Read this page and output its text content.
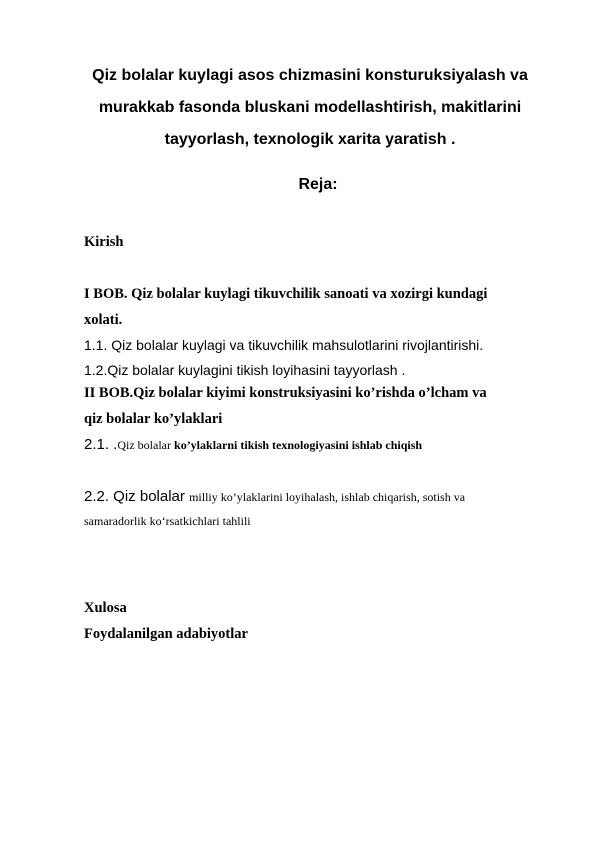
Qiz bolalar kuylagi asos chizmasini konsturuksiyalash va
murakkab fasonda bluskani modellashtirish, makitlarini
tayyorlash, texnologik xarita yaratish .
Reja:
Kirish
I BOB. Qiz bolalar kuylagi tikuvchilik sanoati va xozirgi kundagi
xolati.
1.1. Qiz bolalar kuylagi va tikuvchilik mahsulotlarini rivojlantirishi.
1.2.Qiz bolalar kuylagini tikish loyihasini tayyorlash .
II BOB.Qiz bolalar kiyimi konstruksiyasini ko’rishda o’lcham va
qiz bolalar ko’ylaklari
2.1. .Qiz bolalar ko’ylaklarni tikish texnologiyasini ishlab chiqish
2.2. Qiz bolalar milliy ko’ylaklarini loyihalash, ishlab chiqarish, sotish va
samaradorlik ko‘rsatkichlari tahlili
Xulosa
Foydalanilgan adabiyotlar
